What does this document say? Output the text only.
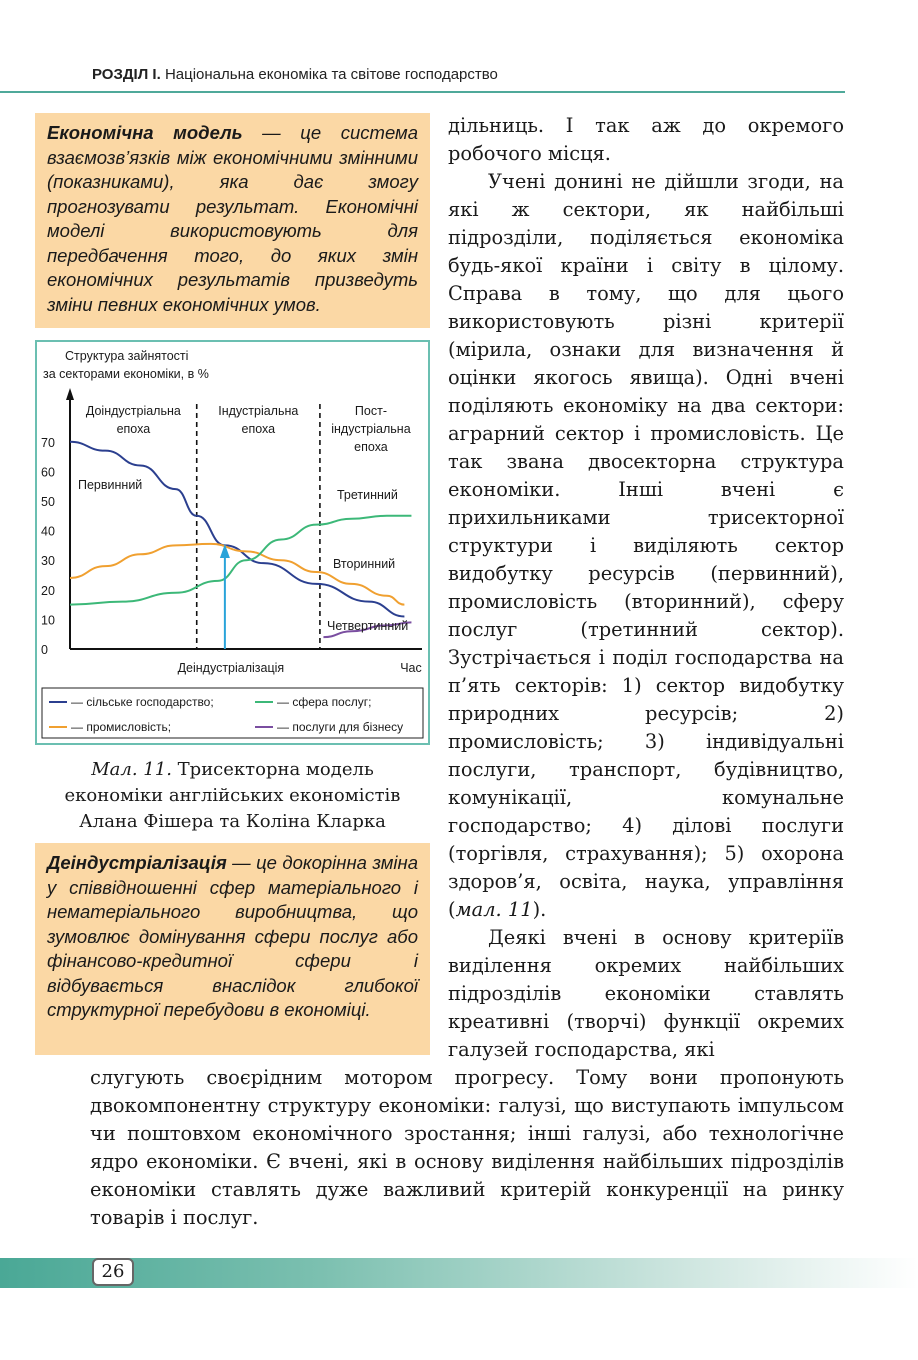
РОЗДІЛ І. Національна економіка та світове господарство
Економічна модель — це система взаємозв’язків між економічними змінними (показниками), яка дає змогу прогнозувати результат. Економічні моделі використовують для передбачення того, до яких змін економічних результатів призведуть зміни певних економічних умов.
Структура зайнятості
за секторами економіки, в %
70
60
50
40
30
20
10
0
Доіндустріальна
епоха
Індустріальна
епоха
Пост-
індустріальна
епоха
Первинний
Третинний
Вторинний
Четвертинний
Деіндустріалізація	Час
— сільське господарство;	— сфера послуг;
— промисловість;	— послуги для бізнесу
Мал. 11. Трисекторна модель
економіки англійських економістів
Алана Фішера та Коліна Кларка
Деіндустріалізація — це докорінна зміна у співвідношенні сфер матеріального і нематеріального виробництва, що зумовлює домінування сфери послуг або фінансово-кредитної сфери і відбувається внаслідок глибокої структурної перебудови в економіці.

дільниць. І так аж до окремого робочого місця.

Учені донині не дійшли згоди, на які ж сектори, як найбільші підрозділи, поділяється економіка будь-якої країни і світу в цілому. Справа в тому, що для цього використовують різні критерії (мірила, ознаки для визначення й оцінки якогось явища). Одні вчені поділяють економіку на два сектори: аграрний сектор і промисловість. Це так звана двосекторна структура економіки. Інші вчені є прихильниками трисекторної структури і виділяють сектор видобутку ресурсів (первинний), промисловість (вторинний), сферу послуг (третинний сектор). Зустрічається і поділ господарства на п’ять секторів: 1) сектор видобутку природних ресурсів; 2) промисловість; 3) індивідуальні послуги, транспорт, будівництво, комунікації, комунальне господарство; 4) ділові послуги (торгівля, страхування); 5) охорона здоров’я, освіта, наука, управління (мал. 11).

Деякі вчені в основу критеріїв виділення окремих найбільших підрозділів економіки ставлять креативні (творчі) функції окремих галузей господарства, які

слугують своєрідним мотором прогресу. Тому вони пропонують двокомпонентну структуру економіки: галузі, що виступають імпульсом чи поштовхом економічного зростання; інші галузі, або технологічне ядро економіки. Є вчені, які в основу виділення найбільших підрозділів економіки ставлять дуже важливий критерій конкуренції на ринку товарів і послуг.

26
